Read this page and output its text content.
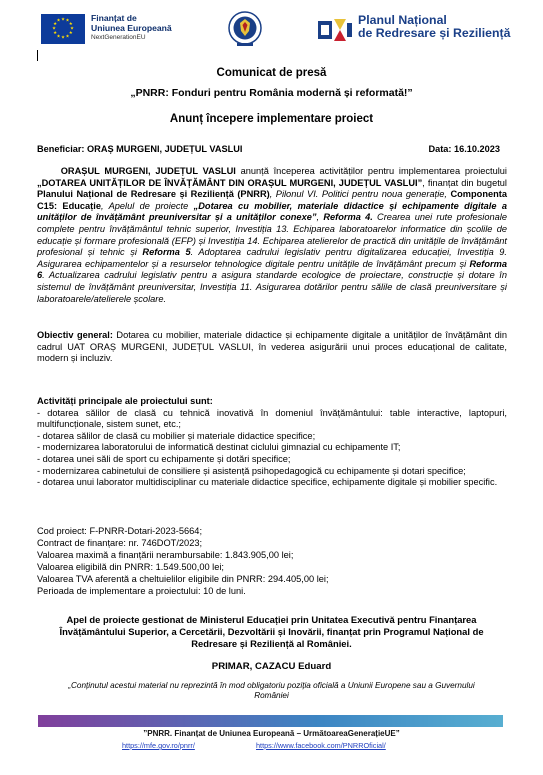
★ ★
★
★
★
★
★
★
★
★
★
★	Finanțat de
Uniunea Europeană
NextGenerationEU
Planul Național
de Redresare și Reziliență
Comunicat de presă
„PNRR: Fonduri pentru România modernă și reformată!”
Anunț începere implementare proiect
Beneficiar: ORAȘ MURGENI, JUDEȚUL VASLUI	Data: 16.10.2023
ORAȘUL MURGENI, JUDEȚUL VASLUI anunță începerea activităților pentru implementarea proiectului „DOTAREA UNITĂȚILOR DE ÎNVĂȚĂMÂNT DIN ORAȘUL MURGENI, JUDEȚUL VASLUI”, finanțat din bugetul Planului Național de Redresare și Reziliență (PNRR), Pilonul VI. Politici pentru noua generație, Componenta C15: Educație, Apelul de proiecte „Dotarea cu mobilier, materiale didactice și echipamente digitale a unităților de învățământ preuniversitar și a unităților conexe”, Reforma 4. Crearea unei rute profesionale complete pentru învățământul tehnic superior, Investiția 13. Echiparea laboratoarelor informatice din școlile de educație și formare profesională (EFP) și Investiția 14. Echiparea atelierelor de practică din unitățile de învățământ profesional și tehnic și Reforma 5. Adoptarea cadrului legislativ pentru digitalizarea educației, Investiția 9. Asigurarea echipamentelor și a resurselor tehnologice digitale pentru unitățile de învățământ precum și Reforma 6. Actualizarea cadrului legislativ pentru a asigura standarde ecologice de proiectare, construcție și dotare în sistemul de învățământ preuniversitar, Investiția 11. Asigurarea dotărilor pentru sălile de clasă preuniversitare și laboratoarele/atelierele școlare.
Obiectiv general: Dotarea cu mobilier, materiale didactice și echipamente digitale a unităților de învățământ din cadrul UAT ORAȘ MURGENI, JUDEȚUL VASLUI, în vederea asigurării unui proces educațional de calitate, modern și incluziv.
Activități principale ale proiectului sunt:
- dotarea sălilor de clasă cu tehnică inovativă în domeniul învățământului: table interactive, laptopuri, multifuncționale, sistem sunet, etc.;
- dotarea sălilor de clasă cu mobilier și materiale didactice specifice;
- modernizarea laboratorului de informatică destinat ciclului gimnazial cu echipamente IT;
- dotarea unei săli de sport cu echipamente și dotări specifice;
- modernizarea cabinetului de consiliere și asistență psihopedagogică cu echipamente și dotari specifice;
- dotarea unui laborator multidisciplinar cu materiale didactice specifice, echipamente digitale și mobilier specific.
Cod proiect: F-PNRR-Dotari-2023-5664;
Contract de finanțare: nr. 746DOT/2023;
Valoarea maximă a finanțării nerambursabile: 1.843.905,00 lei;
Valoarea eligibilă din PNRR: 1.549.500,00 lei;
Valoarea TVA aferentă a cheltuielilor eligibile din PNRR: 294.405,00 lei;
Perioada de implementare a proiectului: 10 de luni.
Apel de proiecte gestionat de Ministerul Educației prin Unitatea Executivă pentru Finanțarea Învățământului Superior, a Cercetării, Dezvoltării și Inovării, finanțat prin Programul Național de Redresare și Reziliență al României.
PRIMAR, CAZACU Eduard
„Conținutul acestui material nu reprezintă în mod obligatoriu poziția oficială a Uniunii Europene sau a Guvernului României
”PNRR. Finanțat de Uniunea Europeană – UrmătoareaGenerațieUE”
https://mfe.gov.ro/pnrr/	https://www.facebook.com/PNRROficial/
